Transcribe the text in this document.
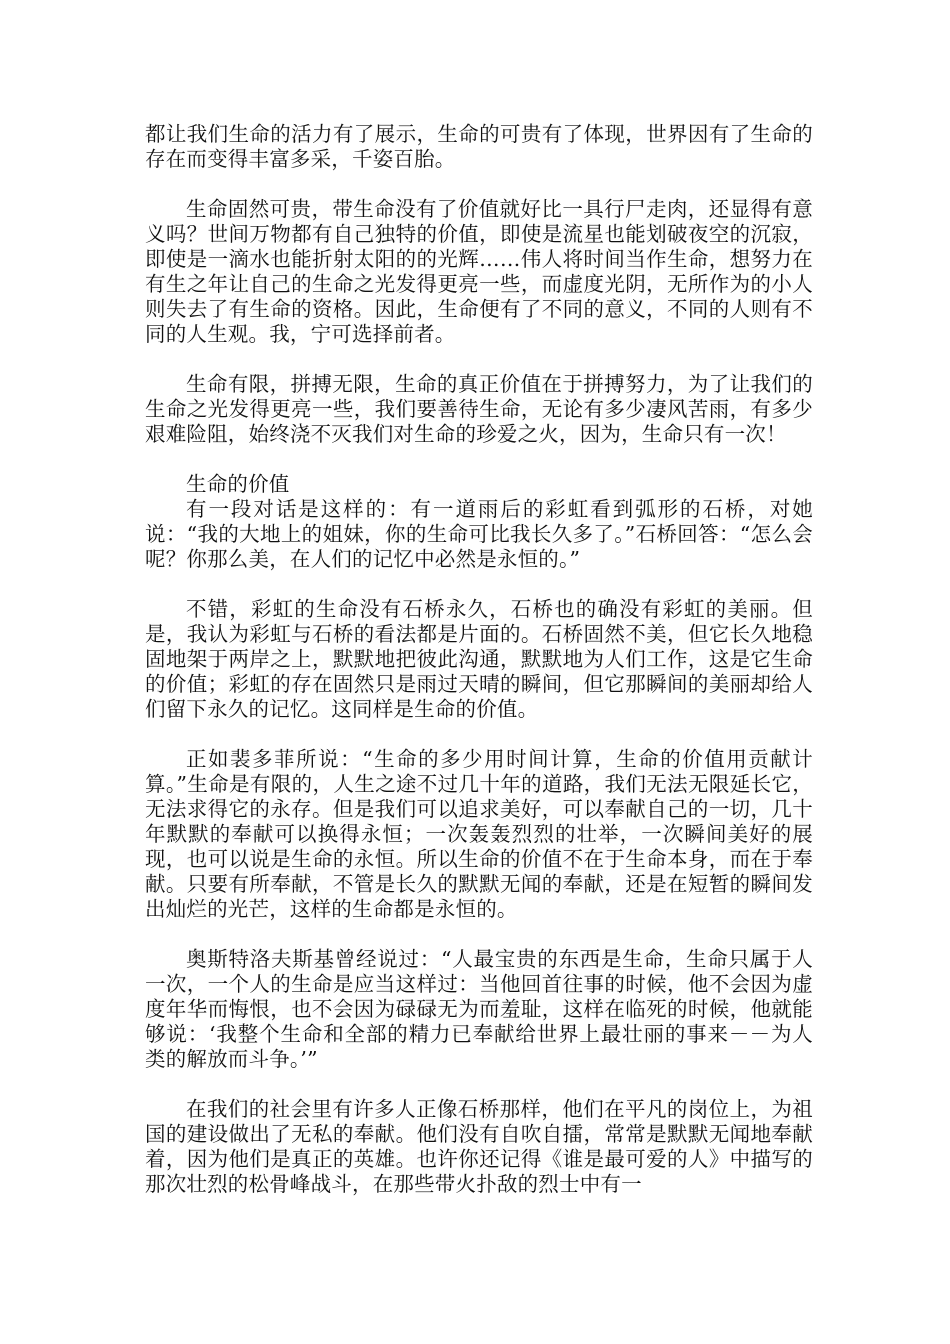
都让我们生命的活力有了展示，生命的可贵有了体现，世界因有了生命的存在而变得丰富多采，千姿百胎。

生命固然可贵，带生命没有了价值就好比一具行尸走肉，还显得有意义吗？世间万物都有自己独特的价值，即使是流星也能划破夜空的沉寂，即使是一滴水也能折射太阳的的光辉……伟人将时间当作生命，想努力在有生之年让自己的生命之光发得更亮一些，而虚度光阴，无所作为的小人则失去了有生命的资格。因此，生命便有了不同的意义，不同的人则有不同的人生观。我，宁可选择前者。

生命有限，拼搏无限，生命的真正价值在于拼搏努力，为了让我们的生命之光发得更亮一些，我们要善待生命，无论有多少凄风苦雨，有多少艰难险阻，始终浇不灭我们对生命的珍爱之火，因为，生命只有一次！

生命的价值

有一段对话是这样的：有一道雨后的彩虹看到弧形的石桥，对她说：“我的大地上的姐妹，你的生命可比我长久多了。”石桥回答：“怎么会呢？你那么美，在人们的记忆中必然是永恒的。”

不错，彩虹的生命没有石桥永久，石桥也的确没有彩虹的美丽。但是，我认为彩虹与石桥的看法都是片面的。石桥固然不美，但它长久地稳固地架于两岸之上，默默地把彼此沟通，默默地为人们工作，这是它生命的价值；彩虹的存在固然只是雨过天晴的瞬间，但它那瞬间的美丽却给人们留下永久的记忆。这同样是生命的价值。

正如裴多菲所说：“生命的多少用时间计算，生命的价值用贡献计算。”生命是有限的，人生之途不过几十年的道路，我们无法无限延长它，无法求得它的永存。但是我们可以追求美好，可以奉献自己的一切，几十年默默的奉献可以换得永恒；一次轰轰烈烈的壮举，一次瞬间美好的展现，也可以说是生命的永恒。所以生命的价值不在于生命本身，而在于奉献。只要有所奉献，不管是长久的默默无闻的奉献，还是在短暂的瞬间发出灿烂的光芒，这样的生命都是永恒的。

奥斯特洛夫斯基曾经说过：“人最宝贵的东西是生命，生命只属于人一次，一个人的生命是应当这样过：当他回首往事的时候，他不会因为虚度年华而悔恨，也不会因为碌碌无为而羞耻，这样在临死的时候，他就能够说：‘我整个生命和全部的精力已奉献给世界上最壮丽的事来－－为人类的解放而斗争。’”

在我们的社会里有许多人正像石桥那样，他们在平凡的岗位上，为祖国的建设做出了无私的奉献。他们没有自吹自擂，常常是默默无闻地奉献着，因为他们是真正的英雄。也许你还记得《谁是最可爱的人》中描写的那次壮烈的松骨峰战斗，在那些带火扑敌的烈士中有一
